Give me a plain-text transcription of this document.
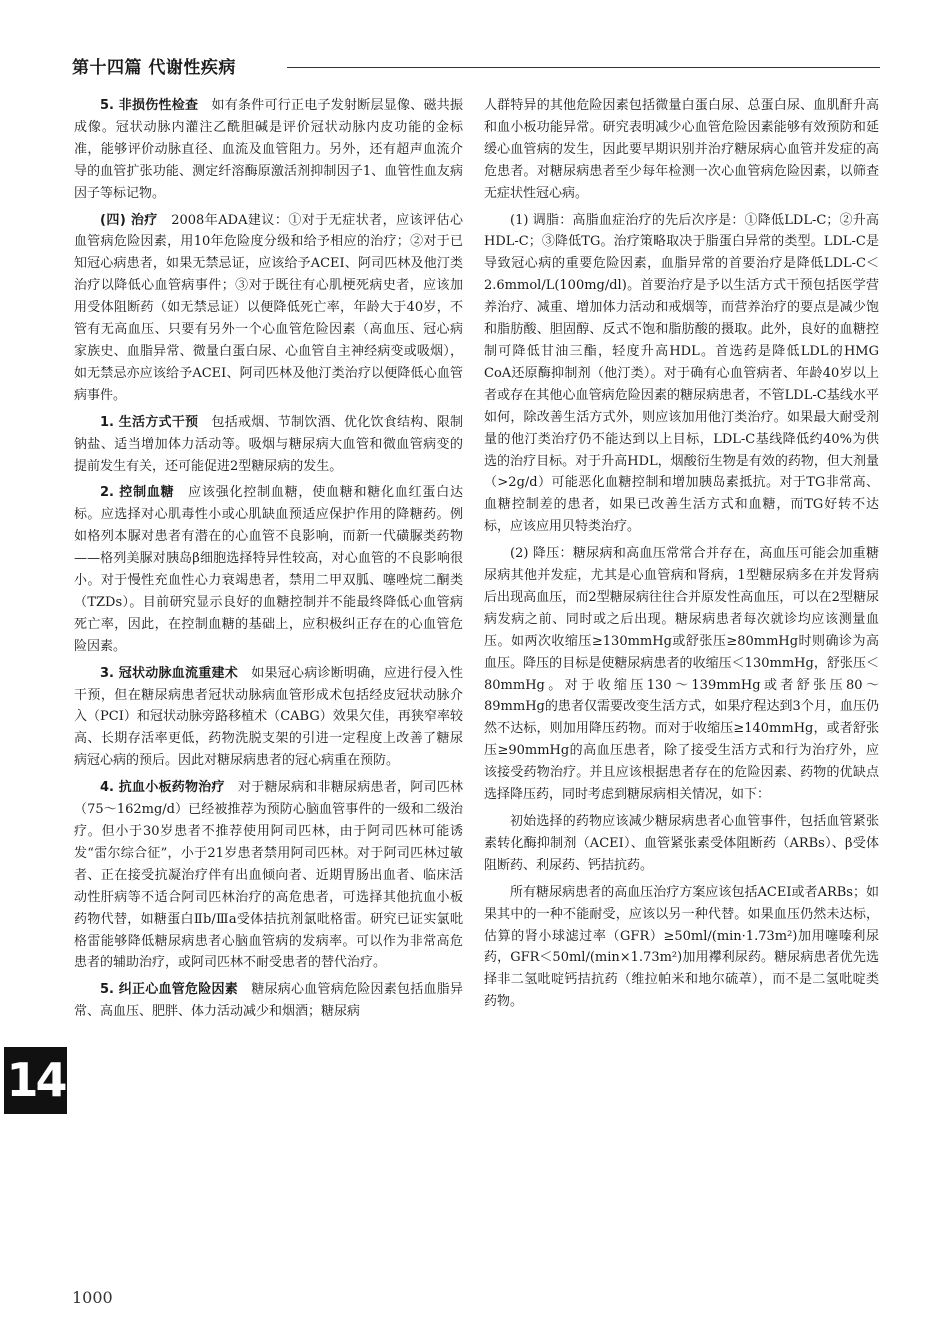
第十四篇 代谢性疾病

5. 非损伤性检查　如有条件可行正电子发射断层显像、磁共振成像。冠状动脉内灌注乙酰胆碱是评价冠状动脉内皮功能的金标准，能够评价动脉直径、血流及血管阻力。另外，还有超声血流介导的血管扩张功能、测定纤溶酶原激活剂抑制因子1、血管性血友病因子等标记物。

(四) 治疗　2008年ADA建议：①对于无症状者，应该评估心血管病危险因素，用10年危险度分级和给予相应的治疗；②对于已知冠心病患者，如果无禁忌证，应该给予ACEI、阿司匹林及他汀类治疗以降低心血管病事件；③对于既往有心肌梗死病史者，应该加用受体阻断药（如无禁忌证）以便降低死亡率，年龄大于40岁，不管有无高血压、只要有另外一个心血管危险因素（高血压、冠心病家族史、血脂异常、微量白蛋白尿、心血管自主神经病变或吸烟），如无禁忌亦应该给予ACEI、阿司匹林及他汀类治疗以便降低心血管病事件。

1. 生活方式干预　包括戒烟、节制饮酒、优化饮食结构、限制钠盐、适当增加体力活动等。吸烟与糖尿病大血管和微血管病变的提前发生有关，还可能促进2型糖尿病的发生。

2. 控制血糖　应该强化控制血糖，使血糖和糖化血红蛋白达标。应选择对心肌毒性小或心肌缺血预适应保护作用的降糖药。例如格列本脲对患者有潜在的心血管不良影响，而新一代磺脲类药物——格列美脲对胰岛β细胞选择特异性较高，对心血管的不良影响很小。对于慢性充血性心力衰竭患者，禁用二甲双胍、噻唑烷二酮类（TZDs）。目前研究显示良好的血糖控制并不能最终降低心血管病死亡率，因此，在控制血糖的基础上，应积极纠正存在的心血管危险因素。

3. 冠状动脉血流重建术　如果冠心病诊断明确，应进行侵入性干预，但在糖尿病患者冠状动脉病血管形成术包括经皮冠状动脉介入（PCI）和冠状动脉旁路移植术（CABG）效果欠佳，再狭窄率较高、长期存活率更低，药物洗脱支架的引进一定程度上改善了糖尿病冠心病的预后。因此对糖尿病患者的冠心病重在预防。

4. 抗血小板药物治疗　对于糖尿病和非糖尿病患者，阿司匹林（75～162mg/d）已经被推荐为预防心脑血管事件的一级和二级治疗。但小于30岁患者不推荐使用阿司匹林，由于阿司匹林可能诱发“雷尔综合征”，小于21岁患者禁用阿司匹林。对于阿司匹林过敏者、正在接受抗凝治疗伴有出血倾向者、近期胃肠出血者、临床活动性肝病等不适合阿司匹林治疗的高危患者，可选择其他抗血小板药物代替，如糖蛋白Ⅱb/Ⅲa受体拮抗剂氯吡格雷。研究已证实氯吡格雷能够降低糖尿病患者心脑血管病的发病率。可以作为非常高危患者的辅助治疗，或阿司匹林不耐受患者的替代治疗。

5. 纠正心血管危险因素　糖尿病心血管病危险因素包括血脂异常、高血压、肥胖、体力活动减少和烟酒；糖尿病

人群特异的其他危险因素包括微量白蛋白尿、总蛋白尿、血肌酐升高和血小板功能异常。研究表明减少心血管危险因素能够有效预防和延缓心血管病的发生，因此要早期识别并治疗糖尿病心血管并发症的高危患者。对糖尿病患者至少每年检测一次心血管病危险因素，以筛查无症状性冠心病。

(1) 调脂：高脂血症治疗的先后次序是：①降低LDL-C；②升高HDL-C；③降低TG。治疗策略取决于脂蛋白异常的类型。LDL-C是导致冠心病的重要危险因素，血脂异常的首要治疗是降低LDL-C＜2.6mmol/L(100mg/dl)。首要治疗是予以生活方式干预包括医学营养治疗、减重、增加体力活动和戒烟等，而营养治疗的要点是减少饱和脂肪酸、胆固醇、反式不饱和脂肪酸的摄取。此外，良好的血糖控制可降低甘油三酯，轻度升高HDL。首选药是降低LDL的HMG CoA还原酶抑制剂（他汀类）。对于确有心血管病者、年龄40岁以上者或存在其他心血管病危险因素的糖尿病患者，不管LDL-C基线水平如何，除改善生活方式外，则应该加用他汀类治疗。如果最大耐受剂量的他汀类治疗仍不能达到以上目标，LDL-C基线降低约40%为供选的治疗目标。对于升高HDL，烟酸衍生物是有效的药物，但大剂量（>2g/d）可能恶化血糖控制和增加胰岛素抵抗。对于TG非常高、血糖控制差的患者，如果已改善生活方式和血糖，而TG好转不达标，应该应用贝特类治疗。

(2) 降压：糖尿病和高血压常常合并存在，高血压可能会加重糖尿病其他并发症，尤其是心血管病和肾病，1型糖尿病多在并发肾病后出现高血压，而2型糖尿病往往合并原发性高血压，可以在2型糖尿病发病之前、同时或之后出现。糖尿病患者每次就诊均应该测量血压。如两次收缩压≥130mmHg或舒张压≥80mmHg时则确诊为高血压。降压的目标是使糖尿病患者的收缩压＜130mmHg，舒张压＜80mmHg。对于收缩压130～139mmHg或者舒张压80～89mmHg的患者仅需要改变生活方式，如果疗程达到3个月，血压仍然不达标，则加用降压药物。而对于收缩压≥140mmHg，或者舒张压≥90mmHg的高血压患者，除了接受生活方式和行为治疗外，应该接受药物治疗。并且应该根据患者存在的危险因素、药物的优缺点选择降压药，同时考虑到糖尿病相关情况，如下：

初始选择的药物应该减少糖尿病患者心血管事件，包括血管紧张素转化酶抑制剂（ACEI）、血管紧张素受体阻断药（ARBs）、β受体阻断药、利尿药、钙拮抗药。

所有糖尿病患者的高血压治疗方案应该包括ACEI或者ARBs；如果其中的一种不能耐受，应该以另一种代替。如果血压仍然未达标，估算的肾小球滤过率（GFR）≥50ml/(min·1.73m²)加用噻嗪利尿药，GFR＜50ml/(min×1.73m²)加用襻利尿药。糖尿病患者优先选择非二氢吡啶钙拮抗药（维拉帕米和地尔硫䓬），而不是二氢吡啶类药物。

14
1000
